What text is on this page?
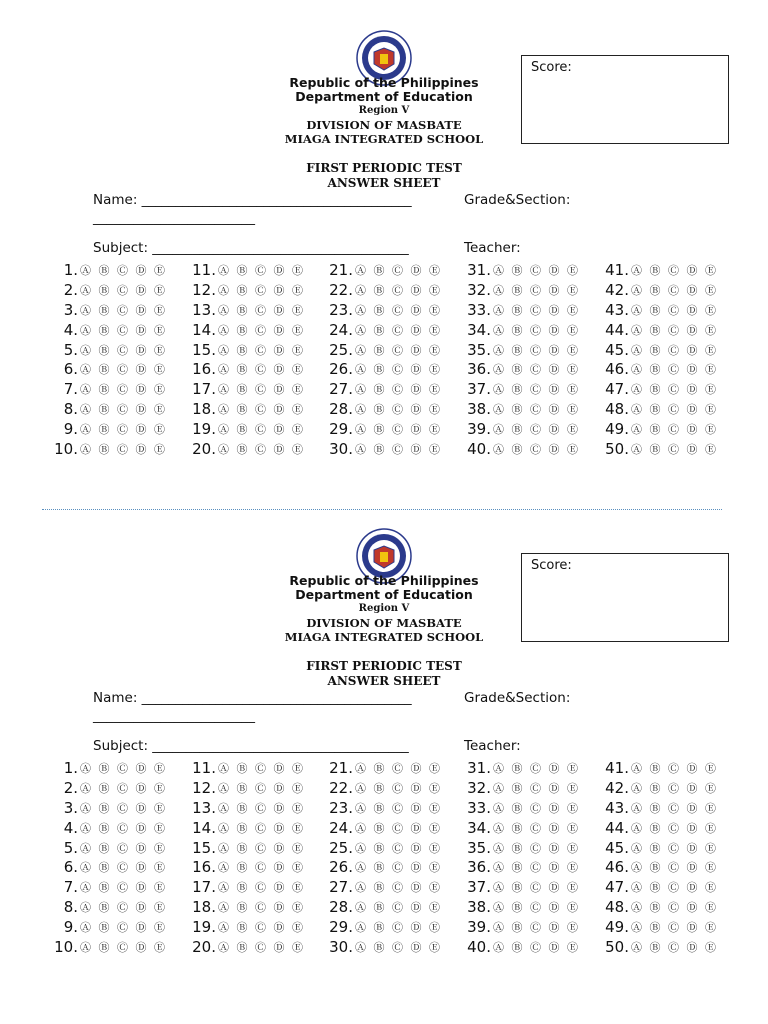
Republic of the Philippines
Department of Education
Region V
DIVISION OF MASBATE
MIAGA INTEGRATED SCHOOL
FIRST PERIODIC TEST
ANSWER SHEET
Score:
Name: ________________________________________
________________________
Grade&Section:
Subject: ______________________________________	Teacher:
1. Ⓐ Ⓑ Ⓒ Ⓓ Ⓔ
2. Ⓐ Ⓑ Ⓒ Ⓓ Ⓔ
3. Ⓐ Ⓑ Ⓒ Ⓓ Ⓔ
4. Ⓐ Ⓑ Ⓒ Ⓓ Ⓔ
5. Ⓐ Ⓑ Ⓒ Ⓓ Ⓔ
6. Ⓐ Ⓑ Ⓒ Ⓓ Ⓔ
7. Ⓐ Ⓑ Ⓒ Ⓓ Ⓔ
8. Ⓐ Ⓑ Ⓒ Ⓓ Ⓔ
9. Ⓐ Ⓑ Ⓒ Ⓓ Ⓔ
10. Ⓐ Ⓑ Ⓒ Ⓓ Ⓔ
11. Ⓐ Ⓑ Ⓒ Ⓓ Ⓔ
12. Ⓐ Ⓑ Ⓒ Ⓓ Ⓔ
13. Ⓐ Ⓑ Ⓒ Ⓓ Ⓔ
14. Ⓐ Ⓑ Ⓒ Ⓓ Ⓔ
15. Ⓐ Ⓑ Ⓒ Ⓓ Ⓔ
16. Ⓐ Ⓑ Ⓒ Ⓓ Ⓔ
17. Ⓐ Ⓑ Ⓒ Ⓓ Ⓔ
18. Ⓐ Ⓑ Ⓒ Ⓓ Ⓔ
19. Ⓐ Ⓑ Ⓒ Ⓓ Ⓔ
20. Ⓐ Ⓑ Ⓒ Ⓓ Ⓔ
21. Ⓐ Ⓑ Ⓒ Ⓓ Ⓔ
22. Ⓐ Ⓑ Ⓒ Ⓓ Ⓔ
23. Ⓐ Ⓑ Ⓒ Ⓓ Ⓔ
24. Ⓐ Ⓑ Ⓒ Ⓓ Ⓔ
25. Ⓐ Ⓑ Ⓒ Ⓓ Ⓔ
26. Ⓐ Ⓑ Ⓒ Ⓓ Ⓔ
27. Ⓐ Ⓑ Ⓒ Ⓓ Ⓔ
28. Ⓐ Ⓑ Ⓒ Ⓓ Ⓔ
29. Ⓐ Ⓑ Ⓒ Ⓓ Ⓔ
30. Ⓐ Ⓑ Ⓒ Ⓓ Ⓔ
31. Ⓐ Ⓑ Ⓒ Ⓓ Ⓔ
32. Ⓐ Ⓑ Ⓒ Ⓓ Ⓔ
33. Ⓐ Ⓑ Ⓒ Ⓓ Ⓔ
34. Ⓐ Ⓑ Ⓒ Ⓓ Ⓔ
35. Ⓐ Ⓑ Ⓒ Ⓓ Ⓔ
36. Ⓐ Ⓑ Ⓒ Ⓓ Ⓔ
37. Ⓐ Ⓑ Ⓒ Ⓓ Ⓔ
38. Ⓐ Ⓑ Ⓒ Ⓓ Ⓔ
39. Ⓐ Ⓑ Ⓒ Ⓓ Ⓔ
40. Ⓐ Ⓑ Ⓒ Ⓓ Ⓔ
41. Ⓐ Ⓑ Ⓒ Ⓓ Ⓔ
42. Ⓐ Ⓑ Ⓒ Ⓓ Ⓔ
43. Ⓐ Ⓑ Ⓒ Ⓓ Ⓔ
44. Ⓐ Ⓑ Ⓒ Ⓓ Ⓔ
45. Ⓐ Ⓑ Ⓒ Ⓓ Ⓔ
46. Ⓐ Ⓑ Ⓒ Ⓓ Ⓔ
47. Ⓐ Ⓑ Ⓒ Ⓓ Ⓔ
48. Ⓐ Ⓑ Ⓒ Ⓓ Ⓔ
49. Ⓐ Ⓑ Ⓒ Ⓓ Ⓔ
50. Ⓐ Ⓑ Ⓒ Ⓓ Ⓔ
Republic of the Philippines
Department of Education
Region V
DIVISION OF MASBATE
MIAGA INTEGRATED SCHOOL
FIRST PERIODIC TEST
ANSWER SHEET
Score:
Name: ________________________________________
________________________
Grade&Section:
Subject: ______________________________________	Teacher:
1. Ⓐ Ⓑ Ⓒ Ⓓ Ⓔ
2. Ⓐ Ⓑ Ⓒ Ⓓ Ⓔ
3. Ⓐ Ⓑ Ⓒ Ⓓ Ⓔ
4. Ⓐ Ⓑ Ⓒ Ⓓ Ⓔ
5. Ⓐ Ⓑ Ⓒ Ⓓ Ⓔ
6. Ⓐ Ⓑ Ⓒ Ⓓ Ⓔ
7. Ⓐ Ⓑ Ⓒ Ⓓ Ⓔ
8. Ⓐ Ⓑ Ⓒ Ⓓ Ⓔ
9. Ⓐ Ⓑ Ⓒ Ⓓ Ⓔ
10. Ⓐ Ⓑ Ⓒ Ⓓ Ⓔ
11. Ⓐ Ⓑ Ⓒ Ⓓ Ⓔ
12. Ⓐ Ⓑ Ⓒ Ⓓ Ⓔ
13. Ⓐ Ⓑ Ⓒ Ⓓ Ⓔ
14. Ⓐ Ⓑ Ⓒ Ⓓ Ⓔ
15. Ⓐ Ⓑ Ⓒ Ⓓ Ⓔ
16. Ⓐ Ⓑ Ⓒ Ⓓ Ⓔ
17. Ⓐ Ⓑ Ⓒ Ⓓ Ⓔ
18. Ⓐ Ⓑ Ⓒ Ⓓ Ⓔ
19. Ⓐ Ⓑ Ⓒ Ⓓ Ⓔ
20. Ⓐ Ⓑ Ⓒ Ⓓ Ⓔ
21. Ⓐ Ⓑ Ⓒ Ⓓ Ⓔ
22. Ⓐ Ⓑ Ⓒ Ⓓ Ⓔ
23. Ⓐ Ⓑ Ⓒ Ⓓ Ⓔ
24. Ⓐ Ⓑ Ⓒ Ⓓ Ⓔ
25. Ⓐ Ⓑ Ⓒ Ⓓ Ⓔ
26. Ⓐ Ⓑ Ⓒ Ⓓ Ⓔ
27. Ⓐ Ⓑ Ⓒ Ⓓ Ⓔ
28. Ⓐ Ⓑ Ⓒ Ⓓ Ⓔ
29. Ⓐ Ⓑ Ⓒ Ⓓ Ⓔ
30. Ⓐ Ⓑ Ⓒ Ⓓ Ⓔ
31. Ⓐ Ⓑ Ⓒ Ⓓ Ⓔ
32. Ⓐ Ⓑ Ⓒ Ⓓ Ⓔ
33. Ⓐ Ⓑ Ⓒ Ⓓ Ⓔ
34. Ⓐ Ⓑ Ⓒ Ⓓ Ⓔ
35. Ⓐ Ⓑ Ⓒ Ⓓ Ⓔ
36. Ⓐ Ⓑ Ⓒ Ⓓ Ⓔ
37. Ⓐ Ⓑ Ⓒ Ⓓ Ⓔ
38. Ⓐ Ⓑ Ⓒ Ⓓ Ⓔ
39. Ⓐ Ⓑ Ⓒ Ⓓ Ⓔ
40. Ⓐ Ⓑ Ⓒ Ⓓ Ⓔ
41. Ⓐ Ⓑ Ⓒ Ⓓ Ⓔ
42. Ⓐ Ⓑ Ⓒ Ⓓ Ⓔ
43. Ⓐ Ⓑ Ⓒ Ⓓ Ⓔ
44. Ⓐ Ⓑ Ⓒ Ⓓ Ⓔ
45. Ⓐ Ⓑ Ⓒ Ⓓ Ⓔ
46. Ⓐ Ⓑ Ⓒ Ⓓ Ⓔ
47. Ⓐ Ⓑ Ⓒ Ⓓ Ⓔ
48. Ⓐ Ⓑ Ⓒ Ⓓ Ⓔ
49. Ⓐ Ⓑ Ⓒ Ⓓ Ⓔ
50. Ⓐ Ⓑ Ⓒ Ⓓ Ⓔ
